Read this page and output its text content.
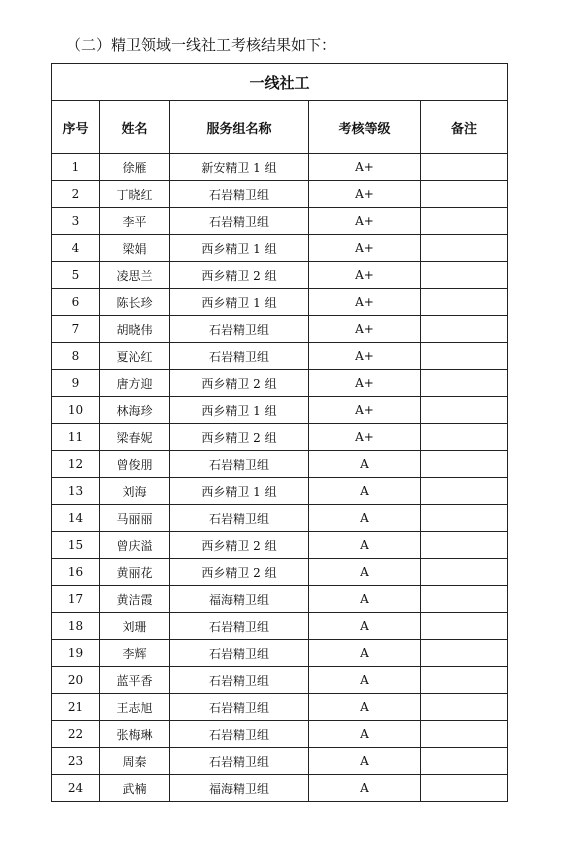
（二）精卫领域一线社工考核结果如下：
一线社工				
序号	姓名	服务组名称	考核等级	备注
1	徐雁	新安精卫 1 组	A+	
2	丁晓红	石岩精卫组	A+	
3	李平	石岩精卫组	A+	
4	梁娟	西乡精卫 1 组	A+	
5	凌思兰	西乡精卫 2 组	A+	
6	陈长珍	西乡精卫 1 组	A+	
7	胡晓伟	石岩精卫组	A+	
8	夏沁红	石岩精卫组	A+	
9	唐方迎	西乡精卫 2 组	A+	
10	林海珍	西乡精卫 1 组	A+	
11	梁春妮	西乡精卫 2 组	A+	
12	曾俊朋	石岩精卫组	A	
13	刘海	西乡精卫 1 组	A	
14	马丽丽	石岩精卫组	A	
15	曾庆溢	西乡精卫 2 组	A	
16	黄丽花	西乡精卫 2 组	A	
17	黄洁霞	福海精卫组	A	
18	刘珊	石岩精卫组	A	
19	李辉	石岩精卫组	A	
20	蓝平香	石岩精卫组	A	
21	王志旭	石岩精卫组	A	
22	张梅琳	石岩精卫组	A	
23	周秦	石岩精卫组	A	
24	武楠	福海精卫组	A	
